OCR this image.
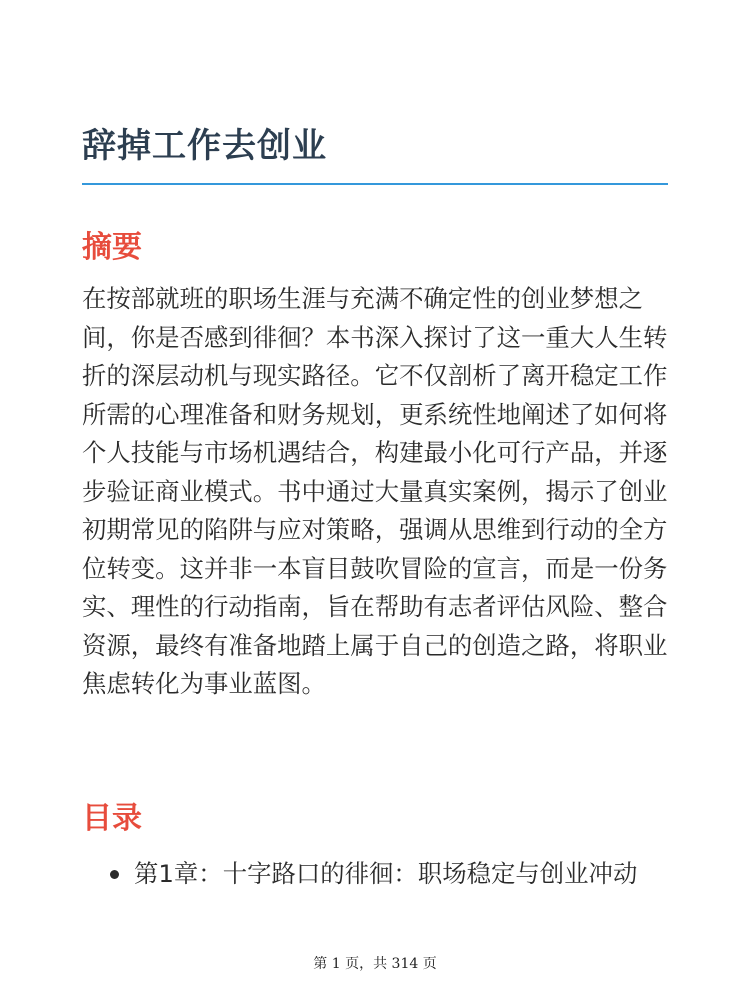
辞掉工作去创业
摘要

在按部就班的职场生涯与充满不确定性的创业梦想之间，你是否感到徘徊？本书深入探讨了这一重大人生转折的深层动机与现实路径。它不仅剖析了离开稳定工作所需的心理准备和财务规划，更系统性地阐述了如何将个人技能与市场机遇结合，构建最小化可行产品，并逐步验证商业模式。书中通过大量真实案例，揭示了创业初期常见的陷阱与应对策略，强调从思维到行动的全方位转变。这并非一本盲目鼓吹冒险的宣言，而是一份务实、理性的行动指南，旨在帮助有志者评估风险、整合资源，最终有准备地踏上属于自己的创造之路，将职业焦虑转化为事业蓝图。

目录
第1章：十字路口的徘徊：职场稳定与创业冲动
第 1 页，共 314 页
